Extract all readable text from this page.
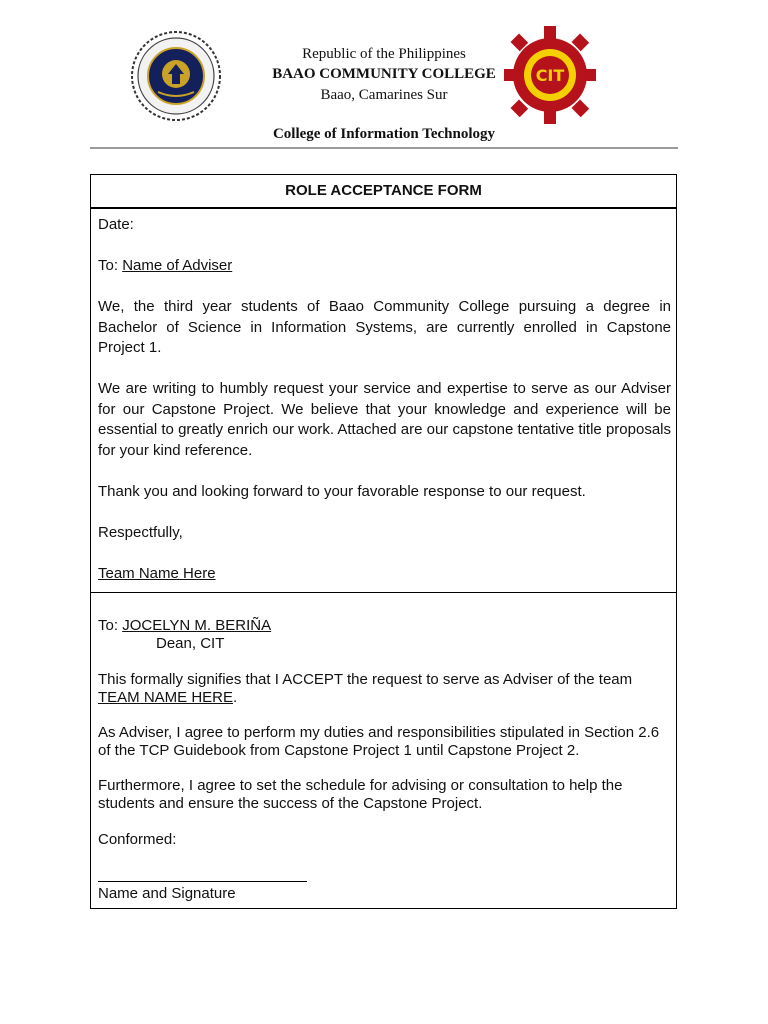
Republic of the Philippines
BAAO COMMUNITY COLLEGE
Baao, Camarines Sur
CIT
College of Information Technology
ROLE ACCEPTANCE FORM
Date:
To: Name of Adviser
We, the third year students of Baao Community College pursuing a degree in Bachelor of Science in Information Systems, are currently enrolled in Capstone Project 1.
We are writing to humbly request your service and expertise to serve as our Adviser for our Capstone Project. We believe that your knowledge and experience will be essential to greatly enrich our work. Attached are our capstone tentative title proposals for your kind reference.
Thank you and looking forward to your favorable response to our request.
Respectfully,
Team Name Here
To: JOCELYN M. BERIÑA
Dean, CIT
This formally signifies that I ACCEPT the request to serve as Adviser of the team TEAM NAME HERE.
As Adviser, I agree to perform my duties and responsibilities stipulated in Section 2.6 of the TCP Guidebook from Capstone Project 1 until Capstone Project 2.
Furthermore, I agree to set the schedule for advising or consultation to help the students and ensure the success of the Capstone Project.
Conformed:
Name and Signature
